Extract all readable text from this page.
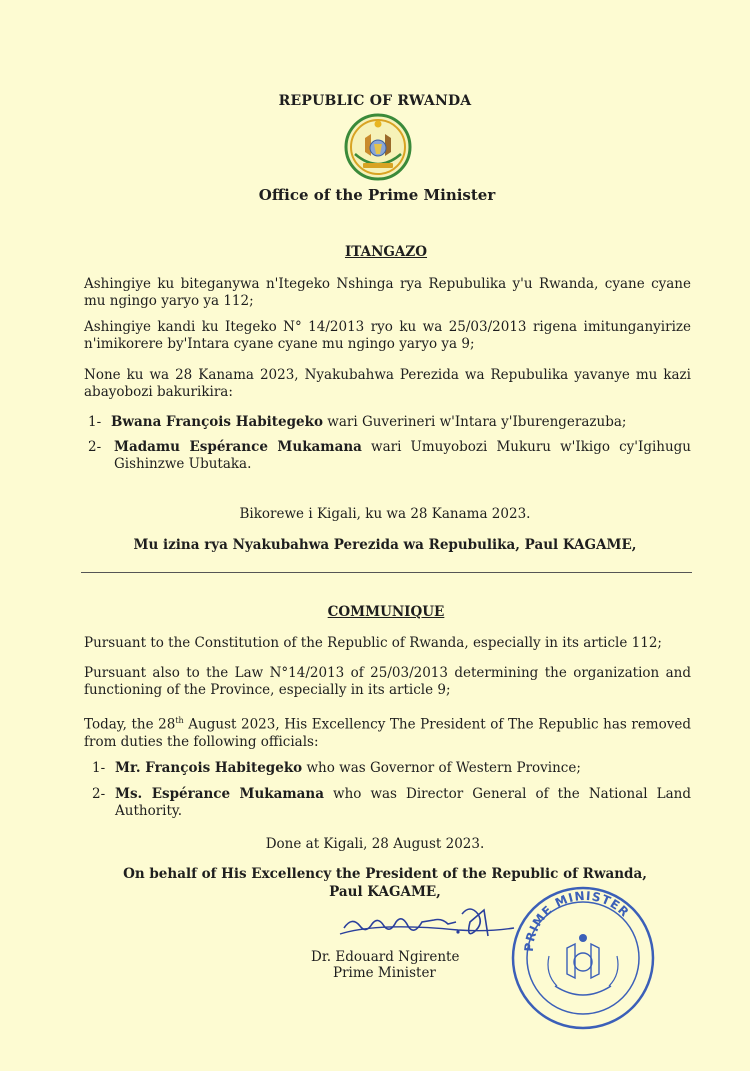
REPUBLIC OF RWANDA
Office of the Prime Minister
ITANGAZO
Ashingiye ku biteganywa n'Itegeko Nshinga rya Repubulika y'u Rwanda, cyane cyane mu ngingo yaryo ya 112;
Ashingiye kandi ku Itegeko N° 14/2013 ryo ku wa 25/03/2013 rigena imitunganyirize n'imikorere by'Intara cyane cyane mu ngingo yaryo ya 9;
None ku wa 28 Kanama 2023, Nyakubahwa Perezida wa Repubulika yavanye mu kazi abayobozi bakurikira:
1- Bwana François Habitegeko wari Guverineri w'Intara y'Iburengerazuba;
2- Madamu Espérance Mukamana wari Umuyobozi Mukuru w'Ikigo cy'Igihugu Gishinzwe Ubutaka.
Bikorewe i Kigali, ku wa 28 Kanama 2023.
Mu izina rya Nyakubahwa Perezida wa Repubulika, Paul KAGAME,
COMMUNIQUE
Pursuant to the Constitution of the Republic of Rwanda, especially in its article 112;
Pursuant also to the Law N°14/2013 of 25/03/2013 determining the organization and functioning of the Province, especially in its article 9;
Today, the 28th August 2023, His Excellency The President of The Republic has removed from duties the following officials:
1- Mr. François Habitegeko who was Governor of Western Province;
2- Ms. Espérance Mukamana who was Director General of the National Land Authority.
Done at Kigali, 28 August 2023.
On behalf of His Excellency the President of the Republic of Rwanda,
Paul KAGAME,
Dr. Edouard Ngirente
Prime Minister
PRIME MINISTER
